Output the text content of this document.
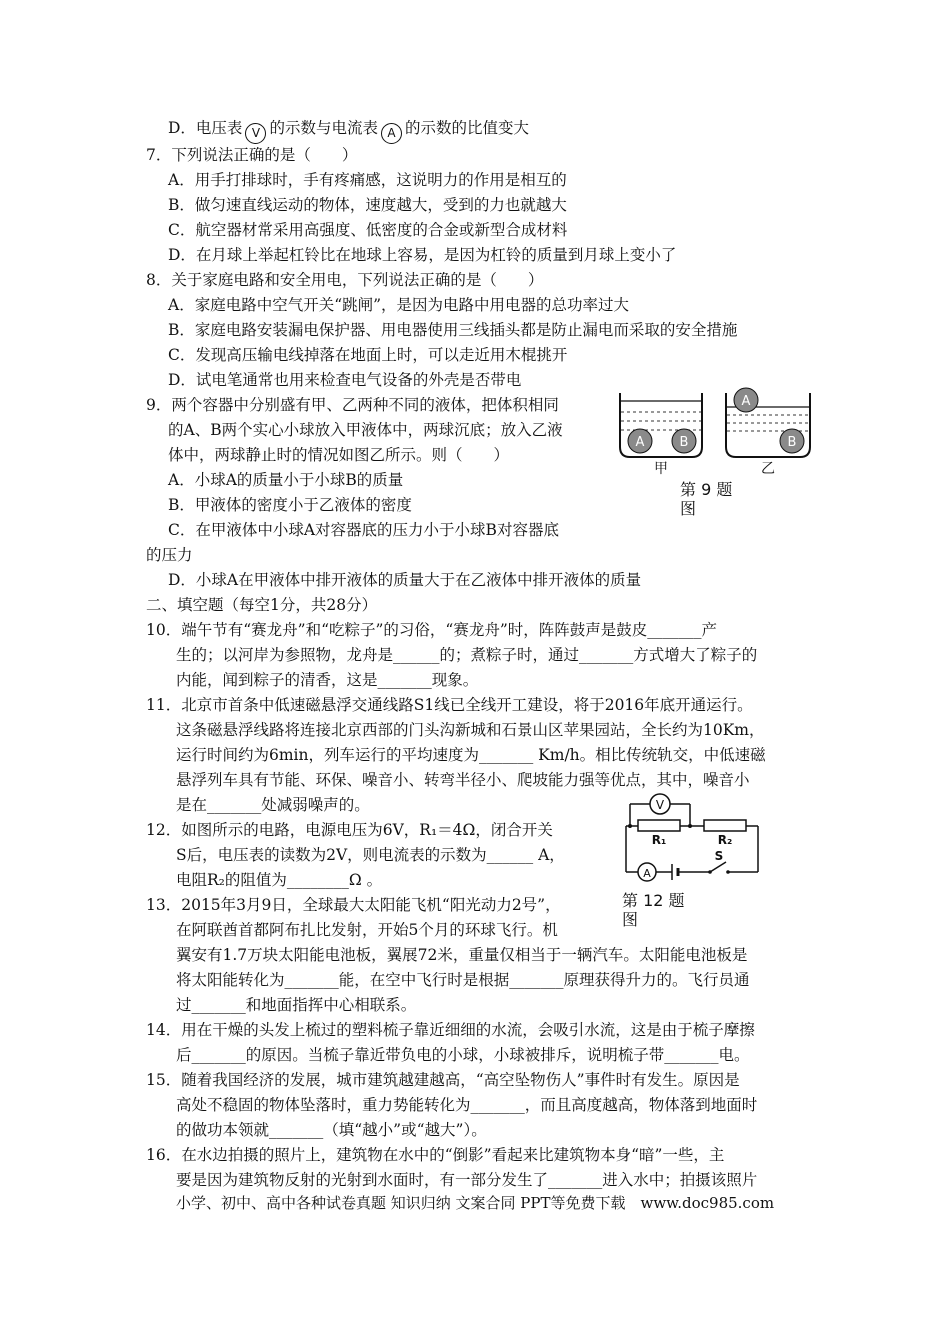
D．电压表 V 的示数与电流表 A 的示数的比值变大
7．下列说法正确的是（　　）
A．用手打排球时，手有疼痛感，这说明力的作用是相互的
B．做匀速直线运动的物体，速度越大，受到的力也就越大
C．航空器材常采用高强度、低密度的合金或新型合成材料
D．在月球上举起杠铃比在地球上容易，是因为杠铃的质量到月球上变小了
8．关于家庭电路和安全用电，下列说法正确的是（　　）
A．家庭电路中空气开关“跳闸”，是因为电路中用电器的总功率过大
B．家庭电路安装漏电保护器、用电器使用三线插头都是防止漏电而采取的安全措施
C．发现高压输电线掉落在地面上时，可以走近用木棍挑开
D．试电笔通常也用来检查电气设备的外壳是否带电
9．两个容器中分别盛有甲、乙两种不同的液体，把体积相同
的A、B两个实心小球放入甲液体中，两球沉底；放入乙液
体中，两球静止时的情况如图乙所示。则（　　）
A．小球A的质量小于小球B的质量
B．甲液体的密度小于乙液体的密度
C．在甲液体中小球A对容器底的压力小于小球B对容器底
的压力
D．小球A在甲液体中排开液体的质量大于在乙液体中排开液体的质量
A	B
A
B
甲	乙
第 9 题
图
二、填空题（每空1分，共28分）
10．端午节有“赛龙舟”和“吃粽子”的习俗，“赛龙舟”时，阵阵鼓声是鼓皮_______产
生的；以河岸为参照物，龙舟是______的；煮粽子时，通过_______方式增大了粽子的
内能，闻到粽子的清香，这是_______现象。
11．北京市首条中低速磁悬浮交通线路S1线已全线开工建设，将于2016年底开通运行。
这条磁悬浮线路将连接北京西部的门头沟新城和石景山区苹果园站，全长约为10Km，
运行时间约为6min，列车运行的平均速度为_______ Km/h。相比传统轨交，中低速磁
悬浮列车具有节能、环保、噪音小、转弯半径小、爬坡能力强等优点，其中，噪音小
是在_______处减弱噪声的。
12．如图所示的电路，电源电压为6V，R₁＝4Ω，闭合开关
S后，电压表的读数为2V，则电流表的示数为______ A，
电阻R₂的阻值为________Ω 。
V
A
R₁	R₂
S
第 12 题
图
13．2015年3月9日，全球最大太阳能飞机“阳光动力2号”，
在阿联酋首都阿布扎比发射，开始5个月的环球飞行。机
翼安有1.7万块太阳能电池板，翼展72米，重量仅相当于一辆汽车。太阳能电池板是
将太阳能转化为_______能，在空中飞行时是根据_______原理获得升力的。飞行员通
过_______和地面指挥中心相联系。
14．用在干燥的头发上梳过的塑料梳子靠近细细的水流，会吸引水流，这是由于梳子摩擦
后_______的原因。当梳子靠近带负电的小球，小球被排斥，说明梳子带_______电。
15．随着我国经济的发展，城市建筑越建越高，“高空坠物伤人”事件时有发生。原因是
高处不稳固的物体坠落时，重力势能转化为_______，而且高度越高，物体落到地面时
的做功本领就_______（填“越小”或“越大”）。
16．在水边拍摄的照片上，建筑物在水中的“倒影”看起来比建筑物本身“暗”一些，主
要是因为建筑物反射的光射到水面时，有一部分发生了_______进入水中；拍摄该照片
小学、初中、高中各种试卷真题 知识归纳 文案合同 PPT等免费下载　www.doc985.com
